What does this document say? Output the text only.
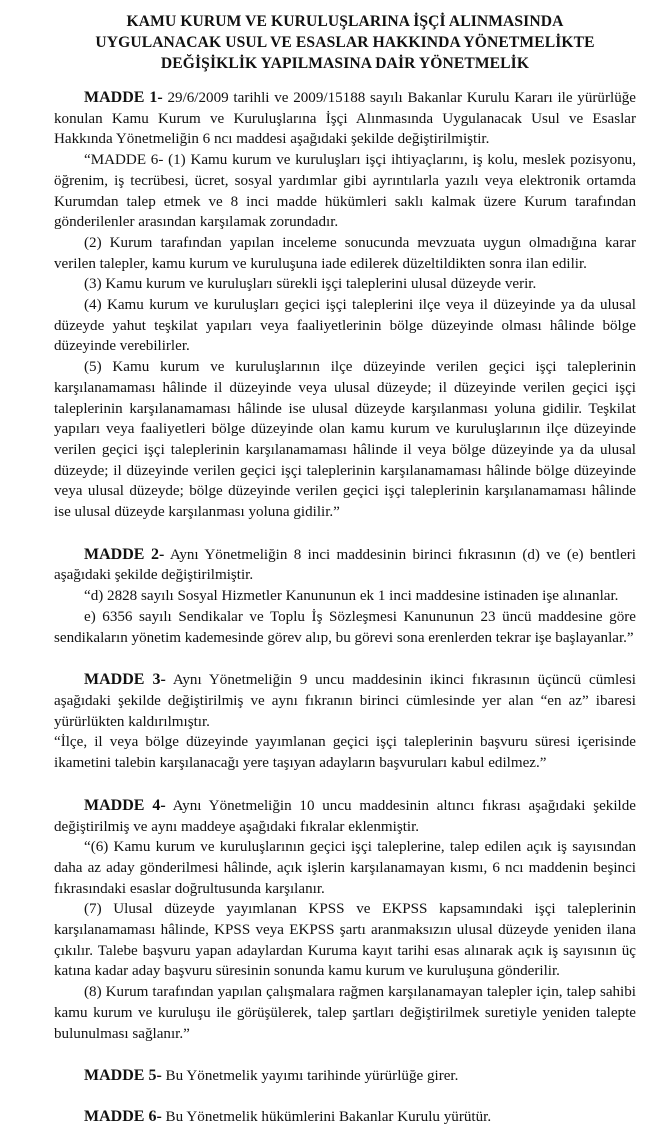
KAMU KURUM VE KURULUŞLARINA İŞÇİ ALINMASINDA
UYGULANACAK USUL VE ESASLAR HAKKINDA YÖNETMELİKTE
DEĞİŞİKLİK YAPILMASINA DAİR YÖNETMELİK

MADDE 1- 29/6/2009 tarihli ve 2009/15188 sayılı Bakanlar Kurulu Kararı ile yürürlüğe konulan Kamu Kurum ve Kuruluşlarına İşçi Alınmasında Uygulanacak Usul ve Esaslar Hakkında Yönetmeliğin 6 ncı maddesi aşağıdaki şekilde değiştirilmiştir.

“MADDE 6- (1) Kamu kurum ve kuruluşları işçi ihtiyaçlarını, iş kolu, meslek pozisyonu, öğrenim, iş tecrübesi, ücret, sosyal yardımlar gibi ayrıntılarla yazılı veya elektronik ortamda Kurumdan talep etmek ve 8 inci madde hükümleri saklı kalmak üzere Kurum tarafından gönderilenler arasından karşılamak zorundadır.

(2) Kurum tarafından yapılan inceleme sonucunda mevzuata uygun olmadığına karar verilen talepler, kamu kurum ve kuruluşuna iade edilerek düzeltildikten sonra ilan edilir.

(3) Kamu kurum ve kuruluşları sürekli işçi taleplerini ulusal düzeyde verir.

(4) Kamu kurum ve kuruluşları geçici işçi taleplerini ilçe veya il düzeyinde ya da ulusal düzeyde yahut teşkilat yapıları veya faaliyetlerinin bölge düzeyinde olması hâlinde bölge düzeyinde verebilirler.

(5) Kamu kurum ve kuruluşlarının ilçe düzeyinde verilen geçici işçi taleplerinin karşılanamaması hâlinde il düzeyinde veya ulusal düzeyde; il düzeyinde verilen geçici işçi taleplerinin karşılanamaması hâlinde ise ulusal düzeyde karşılanması yoluna gidilir. Teşkilat yapıları veya faaliyetleri bölge düzeyinde olan kamu kurum ve kuruluşlarının ilçe düzeyinde verilen geçici işçi taleplerinin karşılanamaması hâlinde il veya bölge düzeyinde ya da ulusal düzeyde; il düzeyinde verilen geçici işçi taleplerinin karşılanamaması hâlinde bölge düzeyinde veya ulusal düzeyde; bölge düzeyinde verilen geçici işçi taleplerinin karşılanamaması hâlinde ise ulusal düzeyde karşılanması yoluna gidilir.”

MADDE 2- Aynı Yönetmeliğin 8 inci maddesinin birinci fıkrasının (d) ve (e) bentleri aşağıdaki şekilde değiştirilmiştir.

“d) 2828 sayılı Sosyal Hizmetler Kanununun ek 1 inci maddesine istinaden işe alınanlar.

e) 6356 sayılı Sendikalar ve Toplu İş Sözleşmesi Kanununun 23 üncü maddesine göre sendikaların yönetim kademesinde görev alıp, bu görevi sona erenlerden tekrar işe başlayanlar.”

MADDE 3- Aynı Yönetmeliğin 9 uncu maddesinin ikinci fıkrasının üçüncü cümlesi aşağıdaki şekilde değiştirilmiş ve aynı fıkranın birinci cümlesinde yer alan “en az” ibaresi yürürlükten kaldırılmıştır.

“İlçe, il veya bölge düzeyinde yayımlanan geçici işçi taleplerinin başvuru süresi içerisinde ikametini talebin karşılanacağı yere taşıyan adayların başvuruları kabul edilmez.”

MADDE 4- Aynı Yönetmeliğin 10 uncu maddesinin altıncı fıkrası aşağıdaki şekilde değiştirilmiş ve aynı maddeye aşağıdaki fıkralar eklenmiştir.

“(6) Kamu kurum ve kuruluşlarının geçici işçi taleplerine, talep edilen açık iş sayısından daha az aday gönderilmesi hâlinde, açık işlerin karşılanamayan kısmı, 6 ncı maddenin beşinci fıkrasındaki esaslar doğrultusunda karşılanır.

(7) Ulusal düzeyde yayımlanan KPSS ve EKPSS kapsamındaki işçi taleplerinin karşılanamaması hâlinde, KPSS veya EKPSS şartı aranmaksızın ulusal düzeyde yeniden ilana çıkılır. Talebe başvuru yapan adaylardan Kuruma kayıt tarihi esas alınarak açık iş sayısının üç katına kadar aday başvuru süresinin sonunda kamu kurum ve kuruluşuna gönderilir.

(8) Kurum tarafından yapılan çalışmalara rağmen karşılanamayan talepler için, talep sahibi kamu kurum ve kuruluşu ile görüşülerek, talep şartları değiştirilmek suretiyle yeniden talepte bulunulması sağlanır.”

MADDE 5- Bu Yönetmelik yayımı tarihinde yürürlüğe girer.

MADDE 6- Bu Yönetmelik hükümlerini Bakanlar Kurulu yürütür.
